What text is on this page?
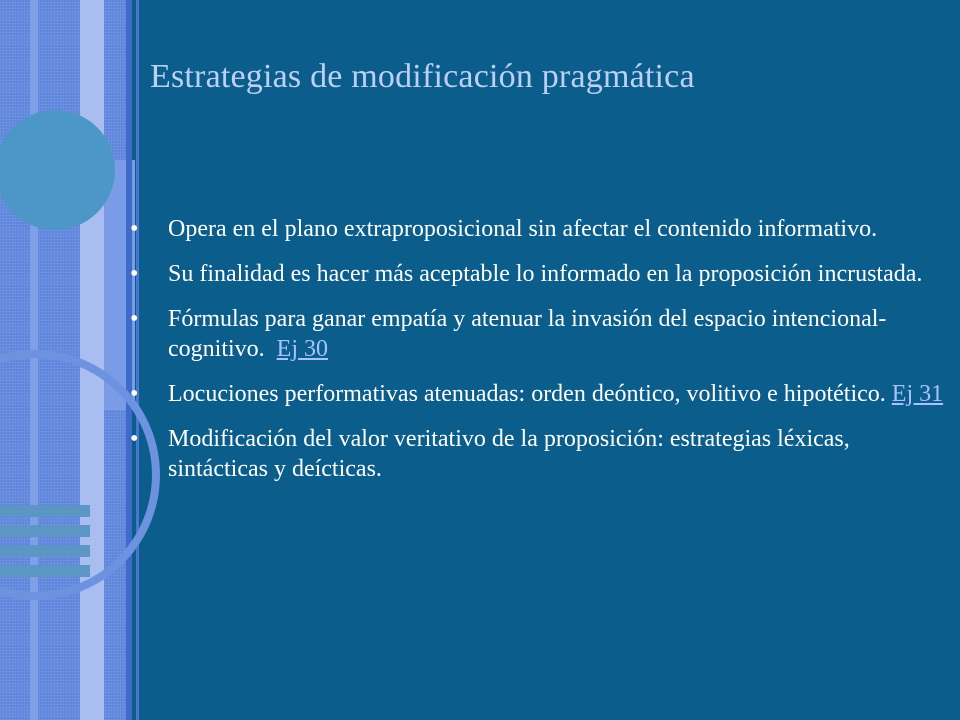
Estrategias de modificación pragmática
• Opera en el plano extraproposicional sin afectar el contenido informativo.
• Su finalidad es hacer más aceptable lo informado en la proposición incrustada.
• Fórmulas para ganar empatía y atenuar la invasión del espacio intencional-cognitivo. Ej 30
• Locuciones performativas atenuadas: orden deóntico, volitivo e hipotético. Ej 31
• Modificación del valor veritativo de la proposición: estrategias léxicas, sintácticas y deícticas.
